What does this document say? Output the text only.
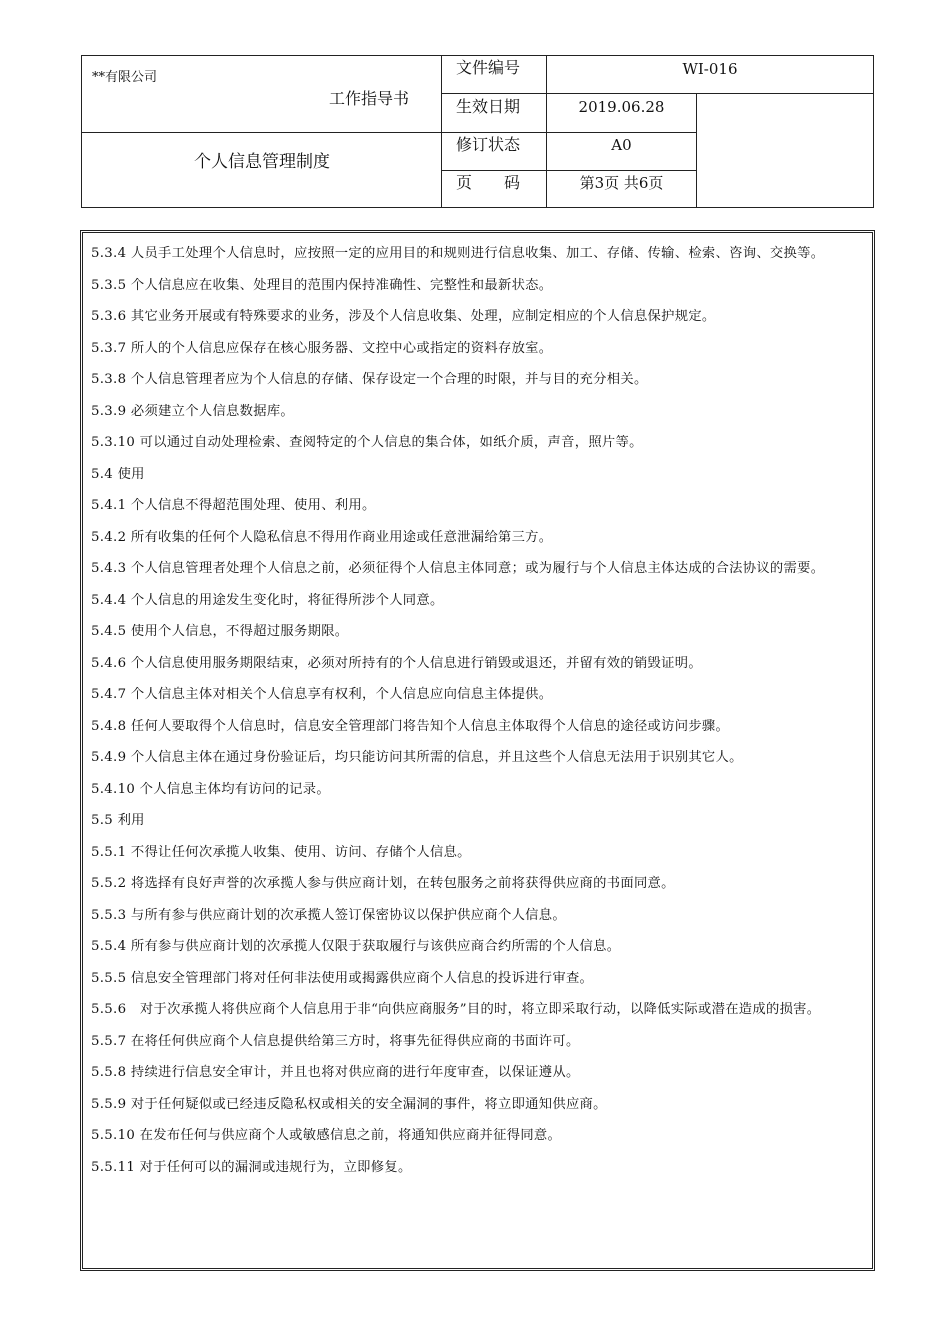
**有限公司
工作指导书
个人信息管理制度
文件编号	WI-016
生效日期	2019.06.28
修订状态	A0
页　　码	第3页 共6页

5.3.4 人员手工处理个人信息时，应按照一定的应用目的和规则进行信息收集、加工、存储、传输、检索、咨询、交换等。

5.3.5 个人信息应在收集、处理目的范围内保持准确性、完整性和最新状态。

5.3.6 其它业务开展或有特殊要求的业务，涉及个人信息收集、处理，应制定相应的个人信息保护规定。

5.3.7 所人的个人信息应保存在核心服务器、文控中心或指定的资料存放室。

5.3.8 个人信息管理者应为个人信息的存储、保存设定一个合理的时限，并与目的充分相关。

5.3.9 必须建立个人信息数据库。

5.3.10 可以通过自动处理检索、查阅特定的个人信息的集合体，如纸介质，声音，照片等。

5.4 使用

5.4.1 个人信息不得超范围处理、使用、利用。

5.4.2 所有收集的任何个人隐私信息不得用作商业用途或任意泄漏给第三方。

5.4.3 个人信息管理者处理个人信息之前，必须征得个人信息主体同意；或为履行与个人信息主体达成的合法协议的需要。

5.4.4 个人信息的用途发生变化时，将征得所涉个人同意。

5.4.5 使用个人信息，不得超过服务期限。

5.4.6 个人信息使用服务期限结束，必须对所持有的个人信息进行销毁或退还，并留有效的销毁证明。

5.4.7 个人信息主体对相关个人信息享有权利，个人信息应向信息主体提供。

5.4.8 任何人要取得个人信息时，信息安全管理部门将告知个人信息主体取得个人信息的途径或访问步骤。

5.4.9 个人信息主体在通过身份验证后，均只能访问其所需的信息，并且这些个人信息无法用于识别其它人。

5.4.10 个人信息主体均有访问的记录。

5.5 利用

5.5.1 不得让任何次承揽人收集、使用、访问、存储个人信息。

5.5.2 将选择有良好声誉的次承揽人参与供应商计划，在转包服务之前将获得供应商的书面同意。

5.5.3 与所有参与供应商计划的次承揽人签订保密协议以保护供应商个人信息。

5.5.4 所有参与供应商计划的次承揽人仅限于获取履行与该供应商合约所需的个人信息。

5.5.5 信息安全管理部门将对任何非法使用或揭露供应商个人信息的投诉进行审查。

5.5.6　对于次承揽人将供应商个人信息用于非“向供应商服务”目的时，将立即采取行动，以降低实际或潜在造成的损害。

5.5.7 在将任何供应商个人信息提供给第三方时，将事先征得供应商的书面许可。

5.5.8 持续进行信息安全审计，并且也将对供应商的进行年度审查，以保证遵从。

5.5.9 对于任何疑似或已经违反隐私权或相关的安全漏洞的事件，将立即通知供应商。

5.5.10 在发布任何与供应商个人或敏感信息之前，将通知供应商并征得同意。

5.5.11 对于任何可以的漏洞或违规行为，立即修复。
